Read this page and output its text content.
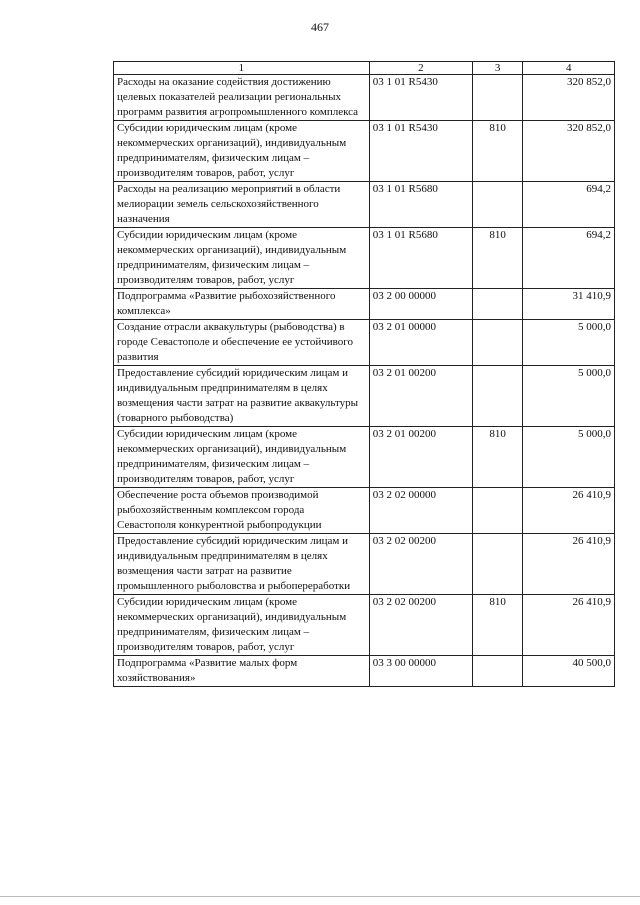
467
1	2	3	4
Расходы на оказание содействия достижению целевых показателей реализации региональных программ развития агропромышленного комплекса	03 1 01 R5430		320 852,0
Субсидии юридическим лицам (кроме некоммерческих организаций), индивидуальным предпринимателям, физическим лицам – производителям товаров, работ, услуг	03 1 01 R5430	810	320 852,0
Расходы на реализацию мероприятий в области мелиорации земель сельскохозяйственного назначения	03 1 01 R5680		694,2
Субсидии юридическим лицам (кроме некоммерческих организаций), индивидуальным предпринимателям, физическим лицам – производителям товаров, работ, услуг	03 1 01 R5680	810	694,2
Подпрограмма «Развитие рыбохозяйственного комплекса»	03 2 00 00000		31 410,9
Создание отрасли аквакультуры (рыбоводства) в городе Севастополе и обеспечение ее устойчивого развития	03 2 01 00000		5 000,0
Предоставление субсидий юридическим лицам и индивидуальным предпринимателям в целях возмещения части затрат на развитие аквакультуры (товарного рыбоводства)	03 2 01 00200		5 000,0
Субсидии юридическим лицам (кроме некоммерческих организаций), индивидуальным предпринимателям, физическим лицам – производителям товаров, работ, услуг	03 2 01 00200	810	5 000,0
Обеспечение роста объемов производимой рыбохозяйственным комплексом города Севастополя конкурентной рыбопродукции	03 2 02 00000		26 410,9
Предоставление субсидий юридическим лицам и индивидуальным предпринимателям в целях возмещения части затрат на развитие промышленного рыболовства и рыбопереработки	03 2 02 00200		26 410,9
Субсидии юридическим лицам (кроме некоммерческих организаций), индивидуальным предпринимателям, физическим лицам – производителям товаров, работ, услуг	03 2 02 00200	810	26 410,9
Подпрограмма «Развитие малых форм хозяйствования»	03 3 00 00000		40 500,0
